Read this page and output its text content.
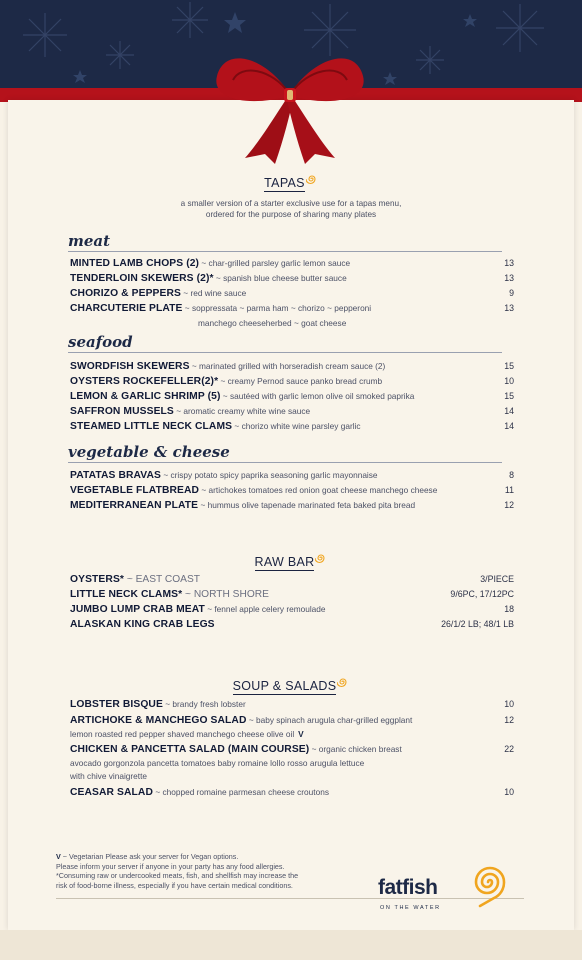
TAPAS
a smaller version of a starter exclusive use for a tapas menu,
ordered for the purpose of sharing many plates
meat
MINTED LAMB CHOPS (2) ~ char-grilled parsley garlic lemon sauce	13
TENDERLOIN SKEWERS (2)* ~ spanish blue cheese butter sauce	13
CHORIZO & PEPPERS ~ red wine sauce	9
CHARCUTERIE PLATE ~ soppressata ~ parma ham ~ chorizo ~ pepperoni	13
manchego cheeseherbed ~ goat cheese
seafood
SWORDFISH SKEWERS ~ marinated grilled with horseradish cream sauce (2)	15
OYSTERS ROCKEFELLER(2)* ~ creamy Pernod sauce panko bread crumb	10
LEMON & GARLIC SHRIMP (5) ~ sautéed with garlic lemon olive oil smoked paprika	15
SAFFRON MUSSELS ~ aromatic creamy white wine sauce	14
STEAMED LITTLE NECK CLAMS ~ chorizo white wine parsley garlic	14
vegetable & cheese
PATATAS BRAVAS ~ crispy potato spicy paprika seasoning garlic mayonnaise	8
VEGETABLE FLATBREAD ~ artichokes tomatoes red onion goat cheese manchego cheese	11
MEDITERRANEAN PLATE ~ hummus olive tapenade marinated feta baked pita bread	12
RAW BAR
OYSTERS* ~ EAST COAST	3/PIECE
LITTLE NECK CLAMS* ~ NORTH SHORE	9/6PC, 17/12PC
JUMBO LUMP CRAB MEAT ~ fennel apple celery remoulade	18
ALASKAN KING CRAB LEGS	26/1/2 LB; 48/1 LB
SOUP & SALADS
LOBSTER BISQUE ~ brandy fresh lobster	10
ARTICHOKE & MANCHEGO SALAD ~ baby spinach arugula char-grilled eggplant	12
lemon roasted red pepper shaved manchego cheese olive oil V
CHICKEN & PANCETTA SALAD (MAIN COURSE) ~ organic chicken breast	22
avocado gorgonzola pancetta tomatoes baby romaine lollo rosso arugula lettuce
with chive vinaigrette
CEASAR SALAD ~ chopped romaine parmesan cheese croutons	10
V ~ Vegetarian Please ask your server for Vegan options.
Please inform your server if anyone in your party has any food allergies.
*Consuming raw or undercooked meats, fish, and shellfish may increase the
risk of food-borne illness, especially if you have certain medical conditions.	fatfish
ON THE WATER
